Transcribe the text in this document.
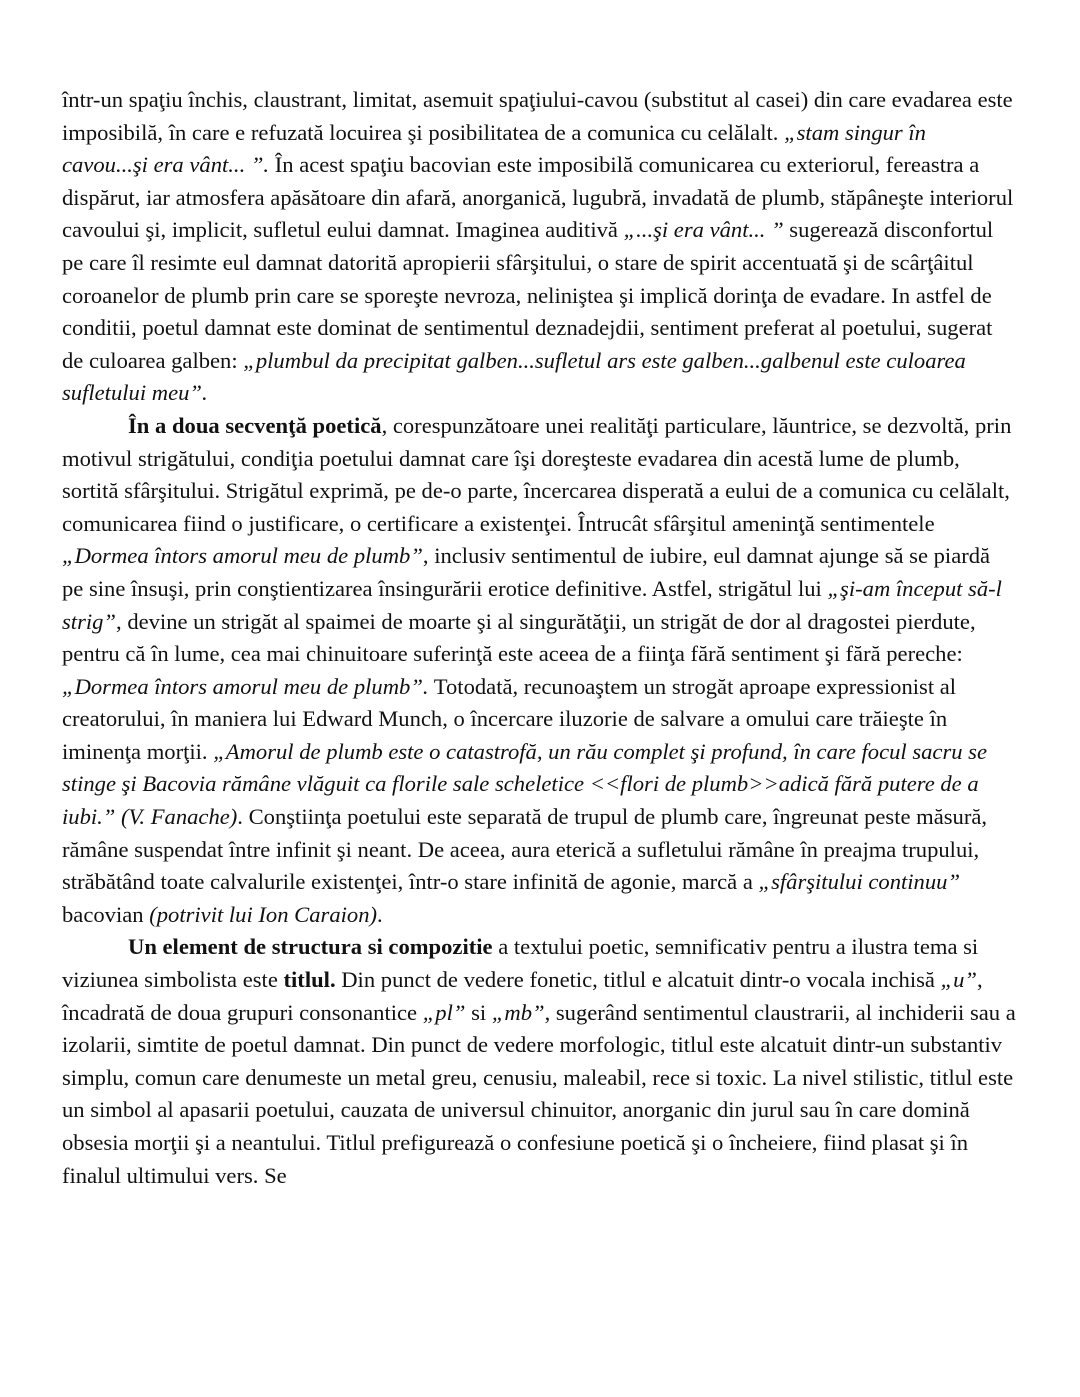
într-un spaţiu închis, claustrant, limitat, asemuit spaţiului-cavou (substitut al casei) din care evadarea este imposibilă, în care e refuzată locuirea şi posibilitatea de a comunica cu celălalt. „stam singur în cavou...şi era vânt... ”. În acest spaţiu bacovian este imposibilă comunicarea cu exteriorul, fereastra a dispărut, iar atmosfera apăsătoare din afară, anorganică, lugubră, invadată de plumb, stăpâneşte interiorul cavoului şi, implicit, sufletul eului damnat. Imaginea auditivă „...şi era vânt... ” sugerează disconfortul pe care îl resimte eul damnat datorită apropierii sfârşitului, o stare de spirit accentuată şi de scârţâitul coroanelor de plumb prin care se sporeşte nevroza, neliniştea şi implică dorinţa de evadare. In astfel de conditii, poetul damnat este dominat de sentimentul deznadejdii, sentiment preferat al poetului, sugerat de culoarea galben: „plumbul da precipitat galben...sufletul ars este galben...galbenul este culoarea sufletului meu”.

În a doua secvenţă poetică, corespunzătoare unei realităţi particulare, lăuntrice, se dezvoltă, prin motivul strigătului, condiţia poetului damnat care îşi doreşteste evadarea din acestă lume de plumb, sortită sfârşitului. Strigătul exprimă, pe de-o parte, încercarea disperată a eului de a comunica cu celălalt, comunicarea fiind o justificare, o certificare a existenţei. Întrucât sfârşitul ameninţă sentimentele „Dormea întors amorul meu de plumb”, inclusiv sentimentul de iubire, eul damnat ajunge să se piardă pe sine însuşi, prin conştientizarea însingurării erotice definitive. Astfel, strigătul lui „şi-am început să-l strig”, devine un strigăt al spaimei de moarte şi al singurătăţii, un strigăt de dor al dragostei pierdute, pentru că în lume, cea mai chinuitoare suferinţă este aceea de a fiinţa fără sentiment şi fără pereche: „Dormea întors amorul meu de plumb”. Totodată, recunoaştem un strogăt aproape expressionist al creatorului, în maniera lui Edward Munch, o încercare iluzorie de salvare a omului care trăieşte în iminenţa morţii. „Amorul de plumb este o catastrofă, un rău complet şi profund, în care focul sacru se stinge şi Bacovia rămâne vlăguit ca florile sale scheletice <<flori de plumb>>adică fără putere de a iubi.” (V. Fanache). Conştiinţa poetului este separată de trupul de plumb care, îngreunat peste măsură, rămâne suspendat între infinit şi neant. De aceea, aura eterică a sufletului rămâne în preajma trupului, străbătând toate calvalurile existenţei, într-o stare infinită de agonie, marcă a „sfârşitului continuu” bacovian (potrivit lui Ion Caraion).

Un element de structura si compozitie a textului poetic, semnificativ pentru a ilustra tema si viziunea simbolista este titlul. Din punct de vedere fonetic, titlul e alcatuit dintr-o vocala inchisă „u”, încadrată de doua grupuri consonantice „pl” si „mb”, sugerând sentimentul claustrarii, al inchiderii sau a izolarii, simtite de poetul damnat. Din punct de vedere morfologic, titlul este alcatuit dintr-un substantiv simplu, comun care denumeste un metal greu, cenusiu, maleabil, rece si toxic. La nivel stilistic, titlul este un simbol al apasarii poetului, cauzata de universul chinuitor, anorganic din jurul sau în care domină obsesia morţii şi a neantului. Titlul prefigurează o confesiune poetică şi o încheiere, fiind plasat şi în finalul ultimului vers. Se
